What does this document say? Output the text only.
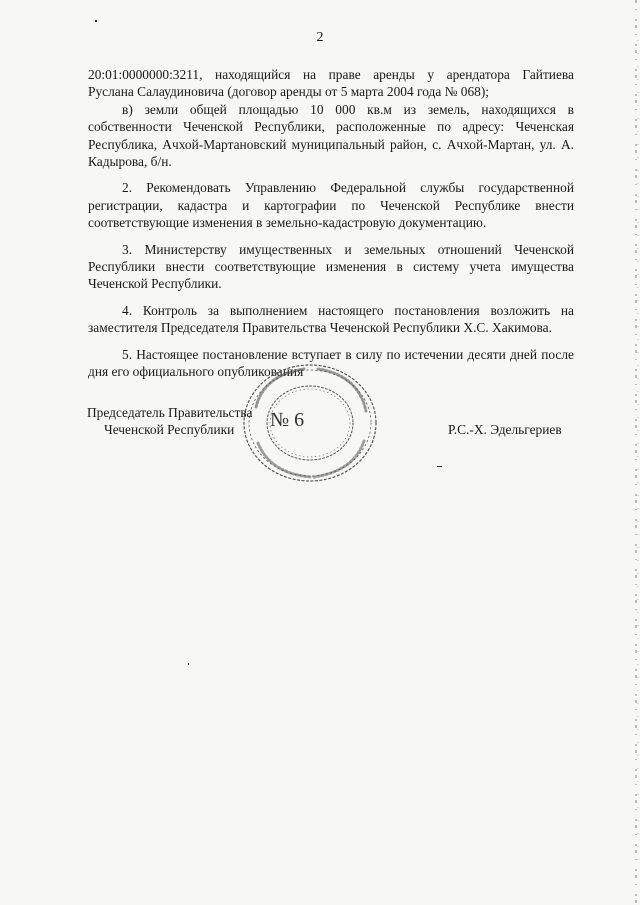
2

20:01:0000000:3211, находящийся на праве аренды у арендатора Гайтиева

Руслана Салаудиновича (договор аренды от 5 марта 2004 года № 068);

в) земли общей площадью 10 000 кв.м из земель, находящихся в собственности Чеченской Республики, расположенные по адресу: Чеченская Республика, Ачхой-Мартановский муниципальный район, с. Ачхой-Мартан, ул. А. Кадырова, б/н.

2. Рекомендовать Управлению Федеральной службы государственной регистрации, кадастра и картографии по Чеченской Республике внести соответствующие изменения в земельно-кадастровую документацию.

3. Министерству имущественных и земельных отношений Чеченской Республики внести соответствующие изменения в систему учета имущества Чеченской Республики.

4. Контроль за выполнением настоящего постановления возложить на заместителя Председателя Правительства Чеченской Республики Х.С. Хакимова.

5. Настоящее постановление вступает в силу по истечении десяти дней после дня его официального опубликования

№ 6
Председатель Правительства
Чеченской Республики	Р.С.-Х. Эдельгериев
